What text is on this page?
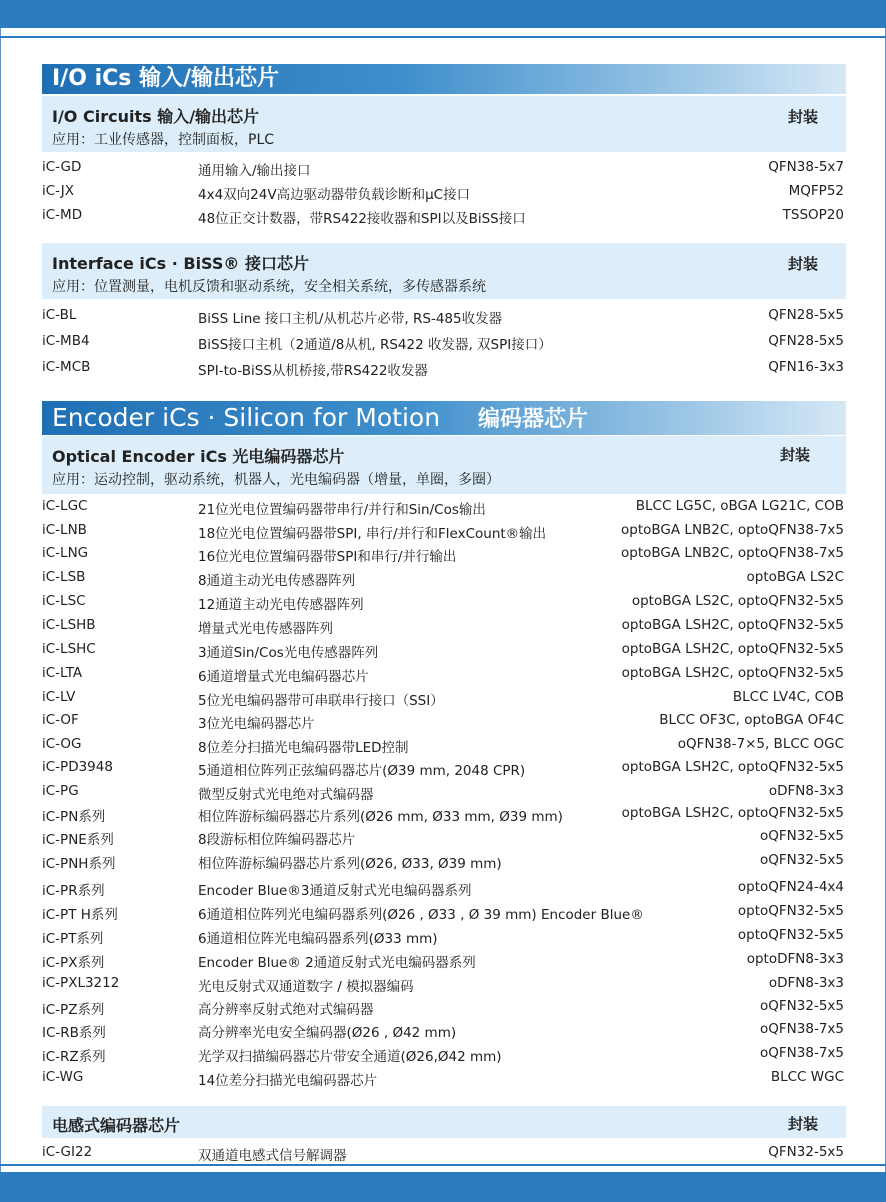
I/O iCs 输入/输出芯片
I/O Circuits 输入/输出芯片
应用：工业传感器，控制面板，PLC
封装
iC-GD	通用输入/输出接口	QFN38-5x7
iC-JX	4x4双向24V高边驱动器带负载诊断和μC接口	MQFP52
iC-MD	48位正交计数器，带RS422接收器和SPI以及BiSS接口	TSSOP20
Interface iCs · BiSS® 接口芯片
应用：位置测量，电机反馈和驱动系统，安全相关系统，多传感器系统
封装
iC-BL	BiSS Line 接口主机/从机芯片必带, RS-485收发器	QFN28-5x5
iC-MB4	BiSS接口主机（2通道/8从机, RS422 收发器, 双SPI接口）	QFN28-5x5
iC-MCB	SPI-to-BiSS从机桥接,带RS422收发器	QFN16-3x3
Encoder iCs · Silicon for Motion 编码器芯片
Optical Encoder iCs 光电编码器芯片
应用：运动控制，驱动系统，机器人，光电编码器（增量，单圈，多圈）
封装
iC-LGC	21位光电位置编码器带串行/并行和Sin/Cos输出	BLCC LG5C, oBGA LG21C, COB
iC-LNB	18位光电位置编码器带SPI, 串行/并行和FlexCount®输出	optoBGA LNB2C, optoQFN38-7x5
iC-LNG	16位光电位置编码器带SPI和串行/并行输出	optoBGA LNB2C, optoQFN38-7x5
iC-LSB	8通道主动光电传感器阵列	optoBGA LS2C
iC-LSC	12通道主动光电传感器阵列	optoBGA LS2C, optoQFN32-5x5
iC-LSHB	增量式光电传感器阵列	optoBGA LSH2C, optoQFN32-5x5
iC-LSHC	3通道Sin/Cos光电传感器阵列	optoBGA LSH2C, optoQFN32-5x5
iC-LTA	6通道增量式光电编码器芯片	optoBGA LSH2C, optoQFN32-5x5
iC-LV	5位光电编码器带可串联串行接口（SSI）	BLCC LV4C, COB
iC-OF	3位光电编码器芯片	BLCC OF3C, optoBGA OF4C
iC-OG	8位差分扫描光电编码器带LED控制	oQFN38-7×5, BLCC OGC
iC-PD3948	5通道相位阵列正弦编码器芯片(Ø39 mm, 2048 CPR)	optoBGA LSH2C, optoQFN32-5x5
iC-PG	微型反射式光电绝对式编码器	oDFN8-3x3
iC-PN系列	相位阵游标编码器芯片系列(Ø26 mm, Ø33 mm, Ø39 mm)	optoBGA LSH2C, optoQFN32-5x5
iC-PNE系列	8段游标相位阵编码器芯片	oQFN32-5x5
iC-PNH系列	相位阵游标编码器芯片系列(Ø26, Ø33, Ø39 mm)	oQFN32-5x5
iC-PR系列	Encoder Blue®3通道反射式光电编码器系列	optoQFN24-4x4
iC-PT H系列	6通道相位阵列光电编码器系列(Ø26 , Ø33 , Ø 39 mm) Encoder Blue®	optoQFN32-5x5
iC-PT系列	6通道相位阵光电编码器系列(Ø33 mm)	optoQFN32-5x5
iC-PX系列	Encoder Blue® 2通道反射式光电编码器系列	optoDFN8-3x3
iC-PXL3212	光电反射式双通道数字 / 模拟器编码	oDFN8-3x3
iC-PZ系列	高分辨率反射式绝对式编码器	oQFN32-5x5
IC-RB系列	高分辨率光电安全编码器(Ø26 , Ø42 mm)	oQFN38-7x5
iC-RZ系列	光学双扫描编码器芯片带安全通道(Ø26,Ø42 mm)	oQFN38-7x5
iC-WG	14位差分扫描光电编码器芯片	BLCC WGC
电感式编码器芯片	封装
iC-GI22	双通道电感式信号解调器	QFN32-5x5
